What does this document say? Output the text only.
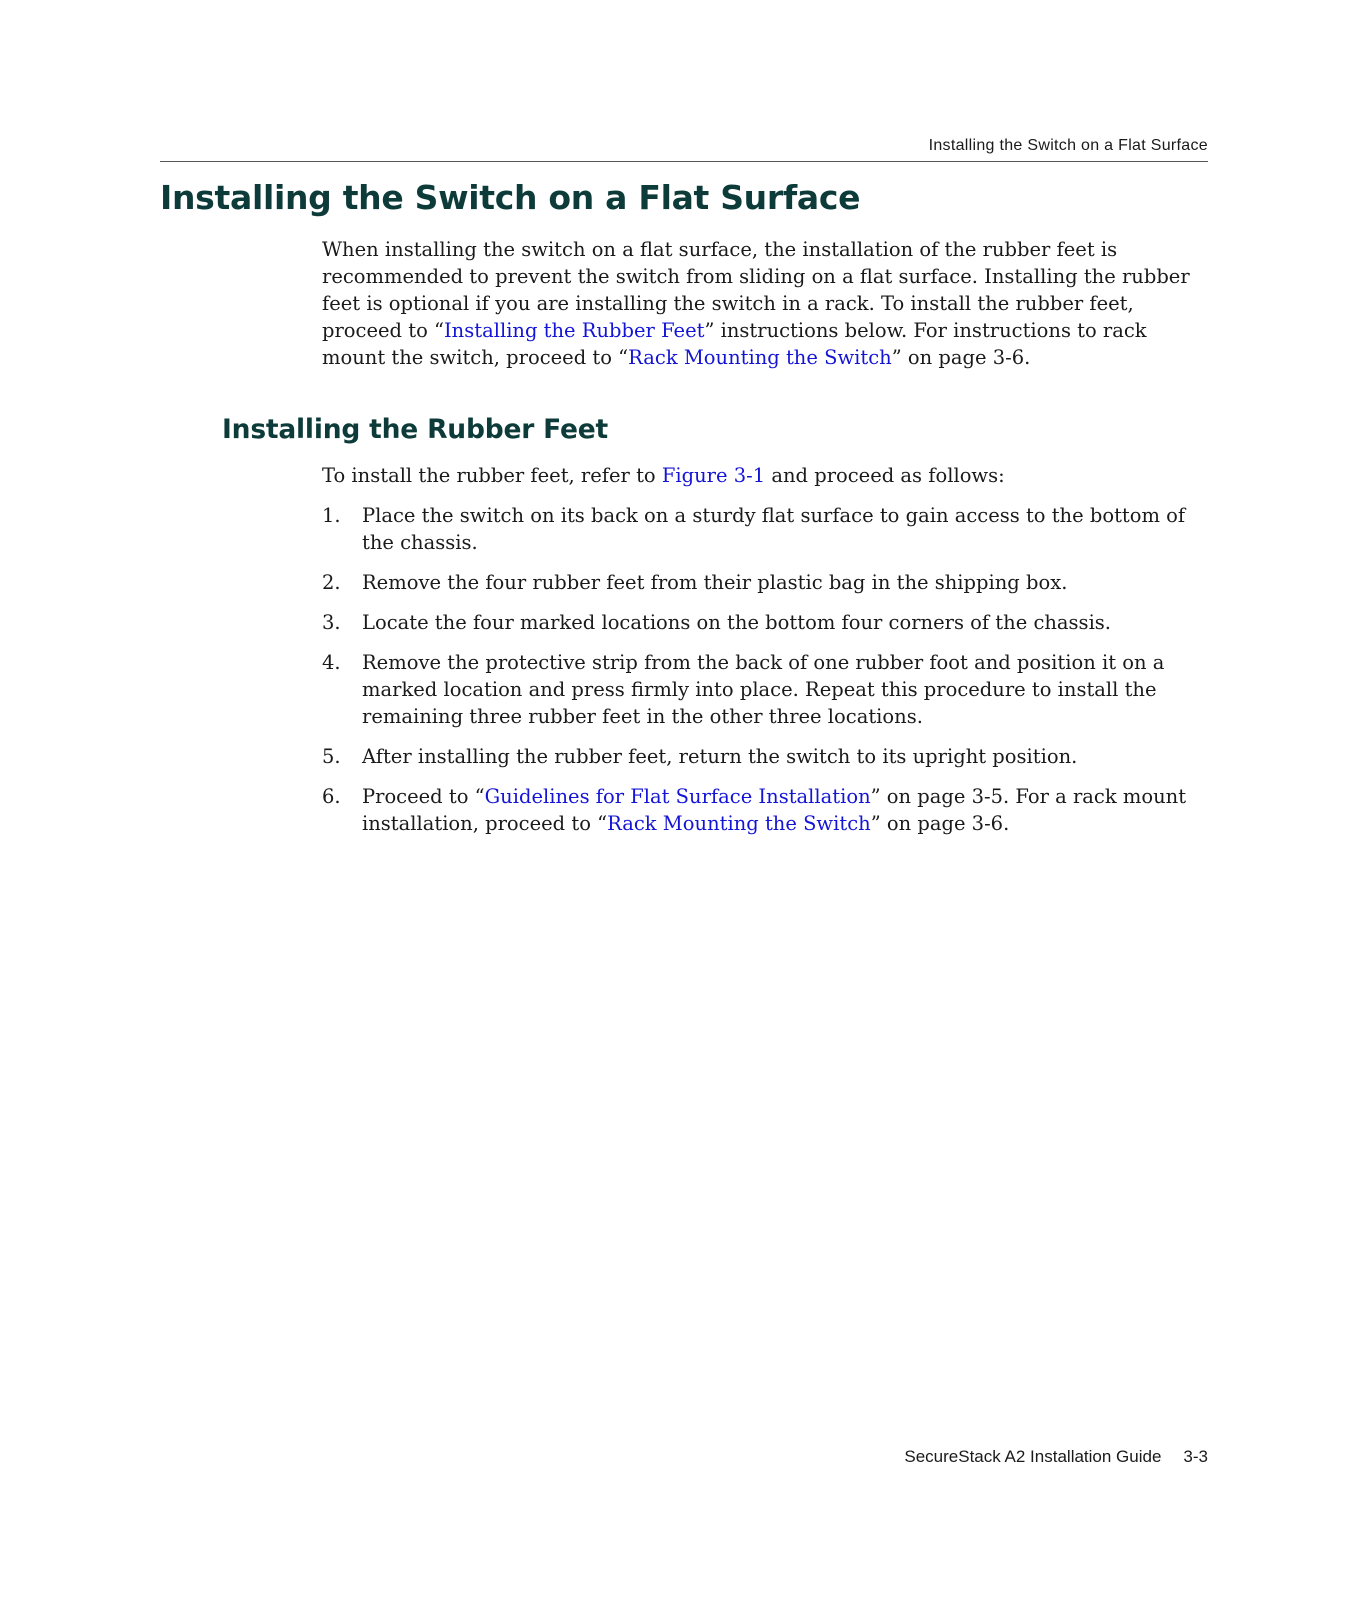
Installing the Switch on a Flat Surface
Installing the Switch on a Flat Surface

When installing the switch on a flat surface, the installation of the rubber feet is recommended to prevent the switch from sliding on a flat surface. Installing the rubber feet is optional if you are installing the switch in a rack. To install the rubber feet, proceed to “Installing the Rubber Feet” instructions below. For instructions to rack mount the switch, proceed to “Rack Mounting the Switch” on page 3-6.

Installing the Rubber Feet

To install the rubber feet, refer to Figure 3-1 and proceed as follows:

1. Place the switch on its back on a sturdy flat surface to gain access to the bottom of the chassis.
2. Remove the four rubber feet from their plastic bag in the shipping box.
3. Locate the four marked locations on the bottom four corners of the chassis.
4. Remove the protective strip from the back of one rubber foot and position it on a marked location and press firmly into place. Repeat this procedure to install the remaining three rubber feet in the other three locations.
5. After installing the rubber feet, return the switch to its upright position.
6. Proceed to “Guidelines for Flat Surface Installation” on page 3-5. For a rack mount installation, proceed to “Rack Mounting the Switch” on page 3-6.
SecureStack A2 Installation Guide 3-3
